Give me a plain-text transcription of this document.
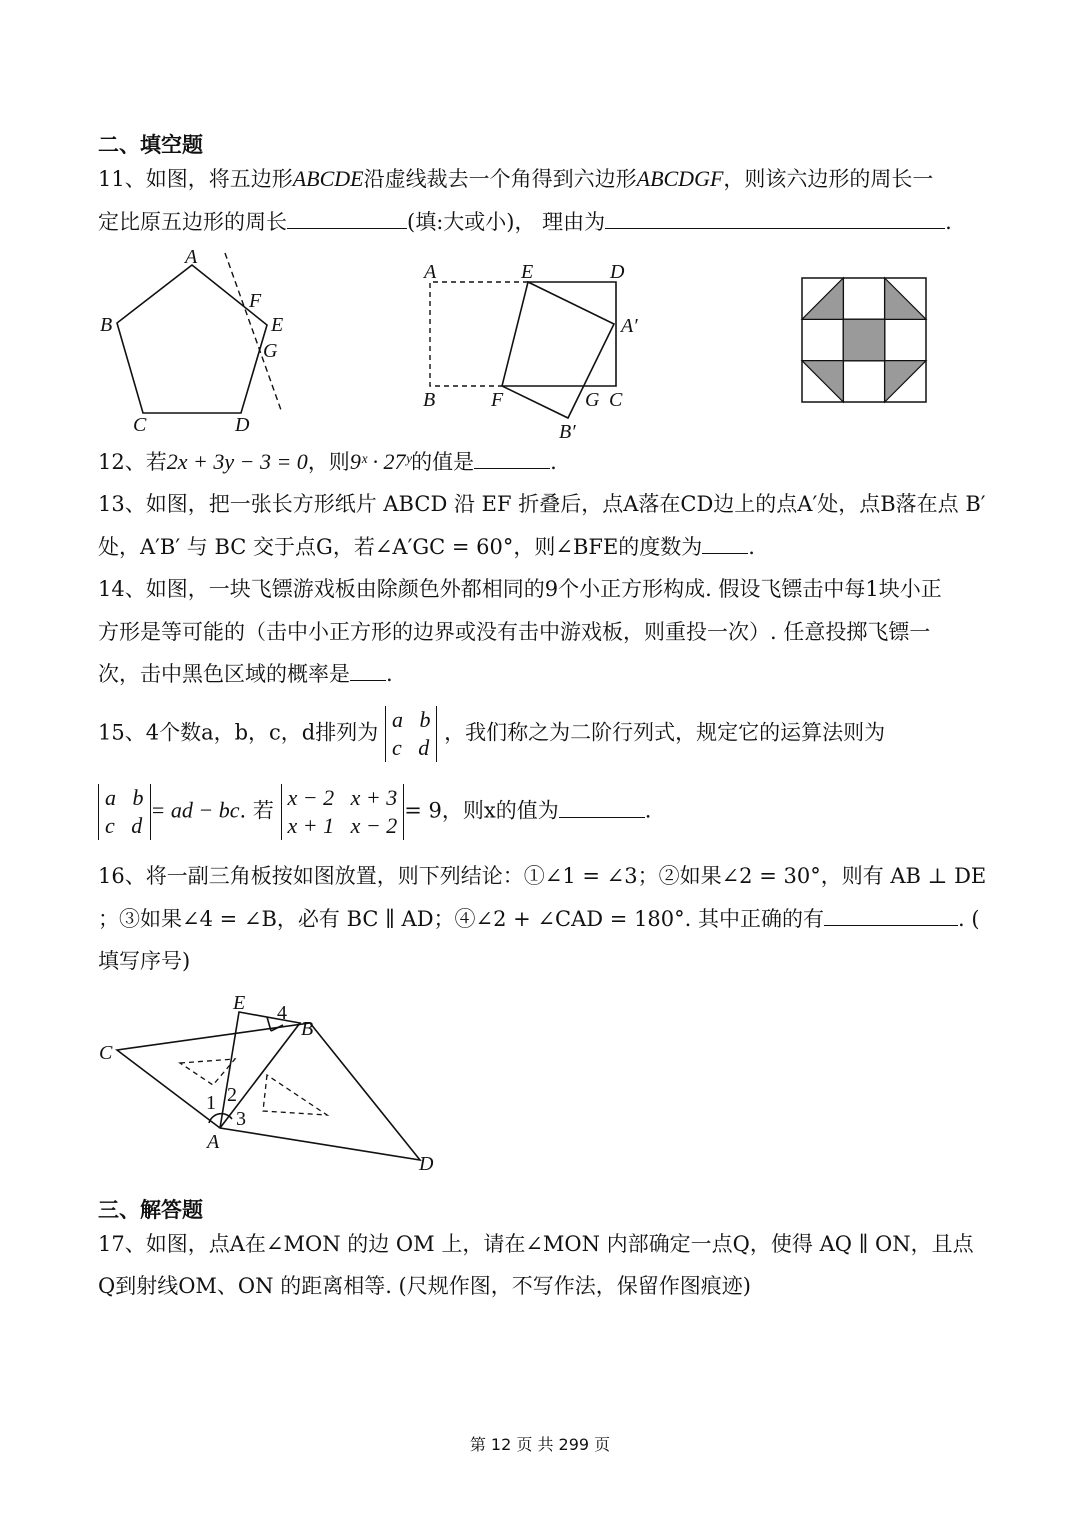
二、填空题
11、如图，将五边形ABCDE沿虚线裁去一个角得到六边形ABCDGF，则该六边形的周长一
定比原五边形的周长	(填:大或小)， 理由为	.
A
B
C	D
E
F
G
A	E	D
A′
B	F	G C
B′
12、若2x + 3y − 3 = 0，则9ˣ · 27ʸ的值是	.
13、如图，把一张长方形纸片 ABCD 沿 EF 折叠后，点A落在CD边上的点A′处，点B落在点 B′
处，A′B′ 与 BC 交于点G，若∠A′GC = 60°，则∠BFE的度数为 .
14、如图，一块飞镖游戏板由除颜色外都相同的9个小正方形构成. 假设飞镖击中每1块小正
方形是等可能的（击中小正方形的边界或没有击中游戏板，则重投一次）. 任意投掷飞镖一
次，击中黑色区域的概率是 .
15、4个数a，b，c，d排列为
a b
c d
，我们称之为二阶行列式，规定它的运算法则为
a b
c d
= ad − bc. 若
x − 2 x + 3
x + 1 x − 2
= 9，则x的值为	.
16、将一副三角板按如图放置，则下列结论：①∠1 = ∠3；②如果∠2 = 30°，则有 AB ⊥ DE
；③如果∠4 = ∠B，必有 BC ∥ AD；④∠2 + ∠CAD = 180°. 其中正确的有	. (
填写序号)
E 4
B
C
1 2
3
A
D
三、解答题
17、如图，点A在∠MON 的边 OM 上，请在∠MON 内部确定一点Q，使得 AQ ∥ ON，且点
Q到射线OM、ON 的距离相等. (尺规作图，不写作法，保留作图痕迹)
第 12 页 共 299 页
